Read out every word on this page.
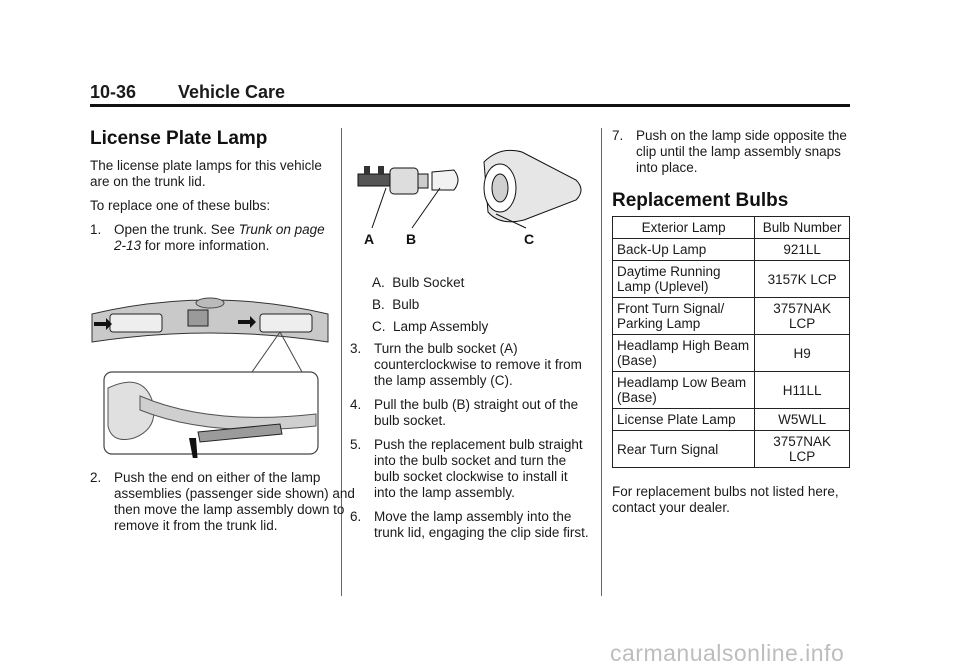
10-36 Vehicle Care
License Plate Lamp

The license plate lamps for this vehicle are on the trunk lid.

To replace one of these bulbs:

1. Open the trunk. See Trunk on page 2-13 for more information.
2. Push the end on either of the lamp assemblies (passenger side shown) and then move the lamp assembly down to remove it from the trunk lid.
A B	C
A. Bulb Socket
B. Bulb
C. Lamp Assembly
3. Turn the bulb socket (A) counterclockwise to remove it from the lamp assembly (C).
4. Pull the bulb (B) straight out of the bulb socket.
5. Push the replacement bulb straight into the bulb socket and turn the bulb socket clockwise to install it into the lamp assembly.
6. Move the lamp assembly into the trunk lid, engaging the clip side first.
7. Push on the lamp side opposite the clip until the lamp assembly snaps into place.
Replacement Bulbs
Exterior Lamp	Bulb Number
Back-Up Lamp	921LL
Daytime Running Lamp (Uplevel)	3157K LCP
Front Turn Signal/ Parking Lamp	3757NAK LCP
Headlamp High Beam (Base)	H9
Headlamp Low Beam (Base)	H11LL
License Plate Lamp	W5WLL
Rear Turn Signal	3757NAK LCP

For replacement bulbs not listed here, contact your dealer.

carmanualsonline.info
